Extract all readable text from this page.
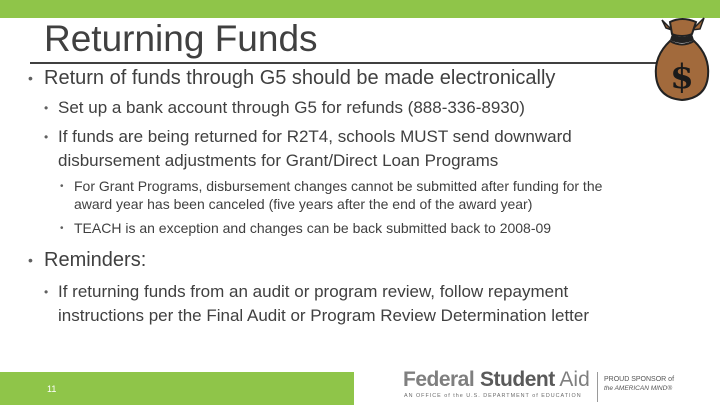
Returning Funds
$
• Return of funds through G5 should be made electronically
• Set up a bank account through G5 for refunds (888-336-8930)
• If funds are being returned for R2T4, schools MUST send downward
disbursement adjustments for Grant/Direct Loan Programs
• For Grant Programs, disbursement changes cannot be submitted after funding for the
award year has been canceled (five years after the end of the award year)
• TEACH is an exception and changes can be back submitted back to 2008-09
• Reminders:
• If returning funds from an audit or program review, follow repayment
instructions per the Final Audit or Program Review Determination letter
11	Federal Student Aid
AN OFFICE of the U.S. DEPARTMENT of EDUCATION
PROUD SPONSOR of
the AMERICAN MIND®
